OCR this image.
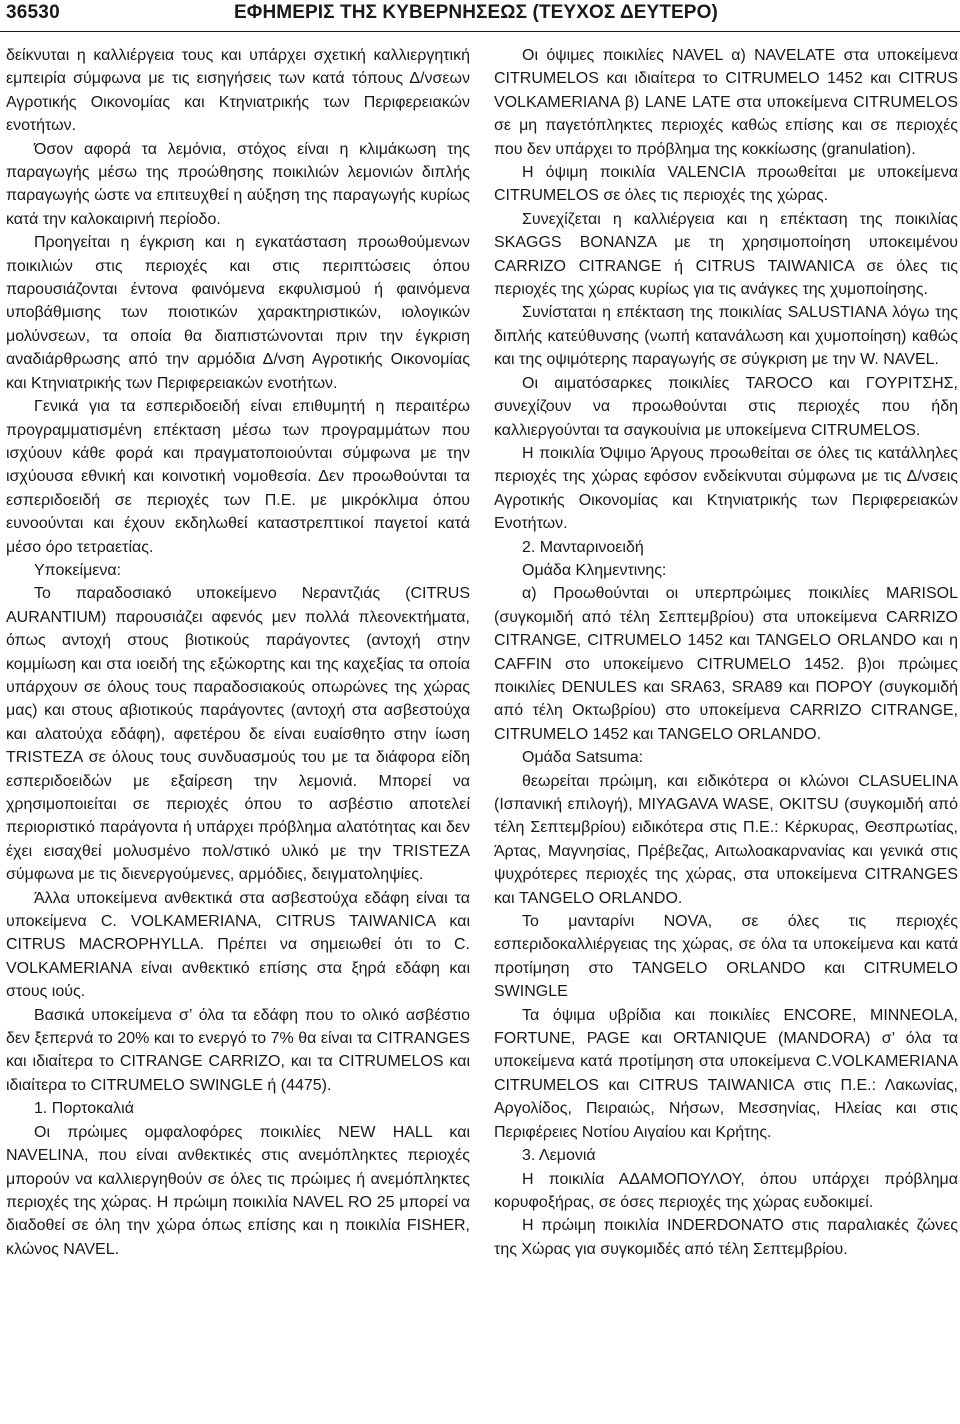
36530	ΕΦΗΜΕΡΙΣ ΤΗΣ ΚΥΒΕΡΝΗΣΕΩΣ (ΤΕΥΧΟΣ ΔΕΥΤΕΡΟ)

δείκνυται η καλλιέργεια τους και υπάρχει σχετική καλλιεργητική εμπειρία σύμφωνα με τις εισηγήσεις των κατά τόπους Δ/νσεων Αγροτικής Οικονομίας και Κτηνιατρικής των Περιφερειακών ενοτήτων.

Όσον αφορά τα λεμόνια, στόχος είναι η κλιμάκωση της παραγωγής μέσω της προώθησης ποικιλιών λεμονιών διπλής παραγωγής ώστε να επιτευχθεί η αύξηση της παραγωγής κυρίως κατά την καλοκαιρινή περίοδο.

Προηγείται η έγκριση και η εγκατάσταση προωθούμενων ποικιλιών στις περιοχές και στις περιπτώσεις όπου παρουσιάζονται έντονα φαινόμενα εκφυλισμού ή φαινόμενα υποβάθμισης των ποιοτικών χαρακτηριστικών, ιολογικών μολύνσεων, τα οποία θα διαπιστώνονται πριν την έγκριση αναδιάρθρωσης από την αρμόδια Δ/νση Αγροτικής Οικονομίας και Κτηνιατρικής των Περιφερειακών ενοτήτων.

Γενικά για τα εσπεριδοειδή είναι επιθυμητή η περαιτέρω προγραμματισμένη επέκταση μέσω των προγραμμάτων που ισχύουν κάθε φορά και πραγματοποιούνται σύμφωνα με την ισχύουσα εθνική και κοινοτική νομοθεσία. Δεν προωθούνται τα εσπεριδοειδή σε περιοχές των Π.Ε. με μικρόκλιμα όπου ευνοούνται και έχουν εκδηλωθεί καταστρεπτικοί παγετοί κατά μέσο όρο τετραετίας.

Υποκείμενα:

Το παραδοσιακό υποκείμενο Νεραντζιάς (CITRUS AURANTIUM) παρουσιάζει αφενός μεν πολλά πλεονεκτήματα, όπως αντοχή στους βιοτικούς παράγοντες (αντοχή στην κομμίωση και στα ιοειδή της εξώκορτης και της καχεξίας τα οποία υπάρχουν σε όλους τους παραδοσιακούς οπωρώνες της χώρας μας) και στους αβιοτικούς παράγοντες (αντοχή στα ασβεστούχα και αλατούχα εδάφη), αφετέρου δε είναι ευαίσθητο στην ίωση TRISTEZA σε όλους τους συνδυασμούς του με τα διάφορα είδη εσπεριδοειδών με εξαίρεση την λεμονιά. Μπορεί να χρησιμοποιείται σε περιοχές όπου το ασβέστιο αποτελεί περιοριστικό παράγοντα ή υπάρχει πρόβλημα αλατότητας και δεν έχει εισαχθεί μολυσμένο πολ/στικό υλικό με την TRISTEZA σύμφωνα με τις διενεργούμενες, αρμόδιες, δειγματοληψίες.

Άλλα υποκείμενα ανθεκτικά στα ασβεστούχα εδάφη είναι τα υποκείμενα C. VOLKAMERIANA, CITRUS TAIWANICA και CITRUS MACROPHYLLA. Πρέπει να σημειωθεί ότι το C. VOLKAMERIANA είναι ανθεκτικό επίσης στα ξηρά εδάφη και στους ιούς.

Βασικά υποκείμενα σ’ όλα τα εδάφη που το ολικό ασβέστιο δεν ξεπερνά το 20% και το ενεργό το 7% θα είναι τα CITRANGES και ιδιαίτερα το CITRANGE CARRIZO, και τα CITRUMELOS και ιδιαίτερα το CITRUMELO SWINGLE ή (4475).

1. Πορτοκαλιά

Οι πρώιμες ομφαλοφόρες ποικιλίες NEW HALL και NAVELINA, που είναι ανθεκτικές στις ανεμόπληκτες περιοχές μπορούν να καλλιεργηθούν σε όλες τις πρώιμες ή ανεμόπληκτες περιοχές της χώρας. Η πρώιμη ποικιλία NAVEL RO 25 μπορεί να διαδοθεί σε όλη την χώρα όπως επίσης και η ποικιλία FISHER, κλώνος NAVEL.

Οι όψιμες ποικιλίες NAVEL α) NAVELATE στα υποκείμενα CITRUMELOS και ιδιαίτερα το CITRUMELO 1452 και CITRUS VOLKAMERIANA β) LANE LATE στα υποκείμενα CITRUMELOS σε μη παγετόπληκτες περιοχές καθώς επίσης και σε περιοχές που δεν υπάρχει το πρόβλημα της κοκκίωσης (granulation).

Η όψιμη ποικιλία VALENCIA προωθείται με υποκείμενα CITRUMELOS σε όλες τις περιοχές της χώρας.

Συνεχίζεται η καλλιέργεια και η επέκταση της ποικιλίας SKAGGS BONANZA με τη χρησιμοποίηση υποκειμένου CARRIZO CITRANGE ή CITRUS TAIWANICA σε όλες τις περιοχές της χώρας κυρίως για τις ανάγκες της χυμοποίησης.

Συνίσταται η επέκταση της ποικιλίας SALUSTIANA λόγω της διπλής κατεύθυνσης (νωπή κατανάλωση και χυμοποίηση) καθώς και της οψιμότερης παραγωγής σε σύγκριση με την W. NAVEL.

Οι αιματόσαρκες ποικιλίες TAROCO και ΓΟΥΡΙΤΣΗΣ, συνεχίζουν να προωθούνται στις περιοχές που ήδη καλλιεργούνται τα σαγκουίνια με υποκείμενα CITRUMELOS.

Η ποικιλία Όψιμο Άργους προωθείται σε όλες τις κατάλληλες περιοχές της χώρας εφόσον ενδείκνυται σύμφωνα με τις Δ/νσεις Αγροτικής Οικονομίας και Κτηνιατρικής των Περιφερειακών Ενοτήτων.

2. Μανταρινοειδή

Ομάδα Κλημεντινης:

α) Προωθούνται οι υπερπρώιμες ποικιλίες MARISOL (συγκομιδή από τέλη Σεπτεμβρίου) στα υποκείμενα CARRIZO CITRANGE, CITRUMELO 1452 και TANGELO ORLANDO και η CAFFIN στο υποκείμενο CITRUMELO 1452. β)οι πρώιμες ποικιλίες DENULES και SRA63, SRA89 και ΠΟΡΟΥ (συγκομιδή από τέλη Οκτωβρίου) στο υποκείμενα CARRIZO CITRANGE, CITRUMELO 1452 και TANGELO ORLANDO.

Ομάδα Satsuma:

θεωρείται πρώιμη, και ειδικότερα οι κλώνοι CLASUELINA (Ισπανική επιλογή), MIYAGAVA WASE, OKITSU (συγκομιδή από τέλη Σεπτεμβρίου) ειδικότερα στις Π.Ε.: Κέρκυρας, Θεσπρωτίας, Άρτας, Μαγνησίας, Πρέβεζας, Αιτωλοακαρνανίας και γενικά στις ψυχρότερες περιοχές της χώρας, στα υποκείμενα CITRANGES και TANGELO ORLANDO.

Το μανταρίνι NOVA, σε όλες τις περιοχές εσπεριδοκαλλιέργειας της χώρας, σε όλα τα υποκείμενα και κατά προτίμηση στο TANGELO ORLANDO και CITRUMELO SWINGLE

Τα όψιμα υβρίδια και ποικιλίες ENCORE, MINNEOLA, FORTUNE, PAGE και ORTANIQUE (MANDORA) σ’ όλα τα υποκείμενα κατά προτίμηση στα υποκείμενα C.VOLKAMERIANA CITRUMELOS και CITRUS TAIWANICA στις Π.Ε.: Λακωνίας, Αργολίδος, Πειραιώς, Νήσων, Μεσσηνίας, Ηλείας και στις Περιφέρειες Νοτίου Αιγαίου και Κρήτης.

3. Λεμονιά

Η ποικιλία ΑΔΑΜΟΠΟΥΛΟΥ, όπου υπάρχει πρόβλημα κορυφοξήρας, σε όσες περιοχές της χώρας ευδοκιμεί.

Η πρώιμη ποικιλία INDERDONATO στις παραλιακές ζώνες της Χώρας για συγκομιδές από τέλη Σεπτεμβρίου.
